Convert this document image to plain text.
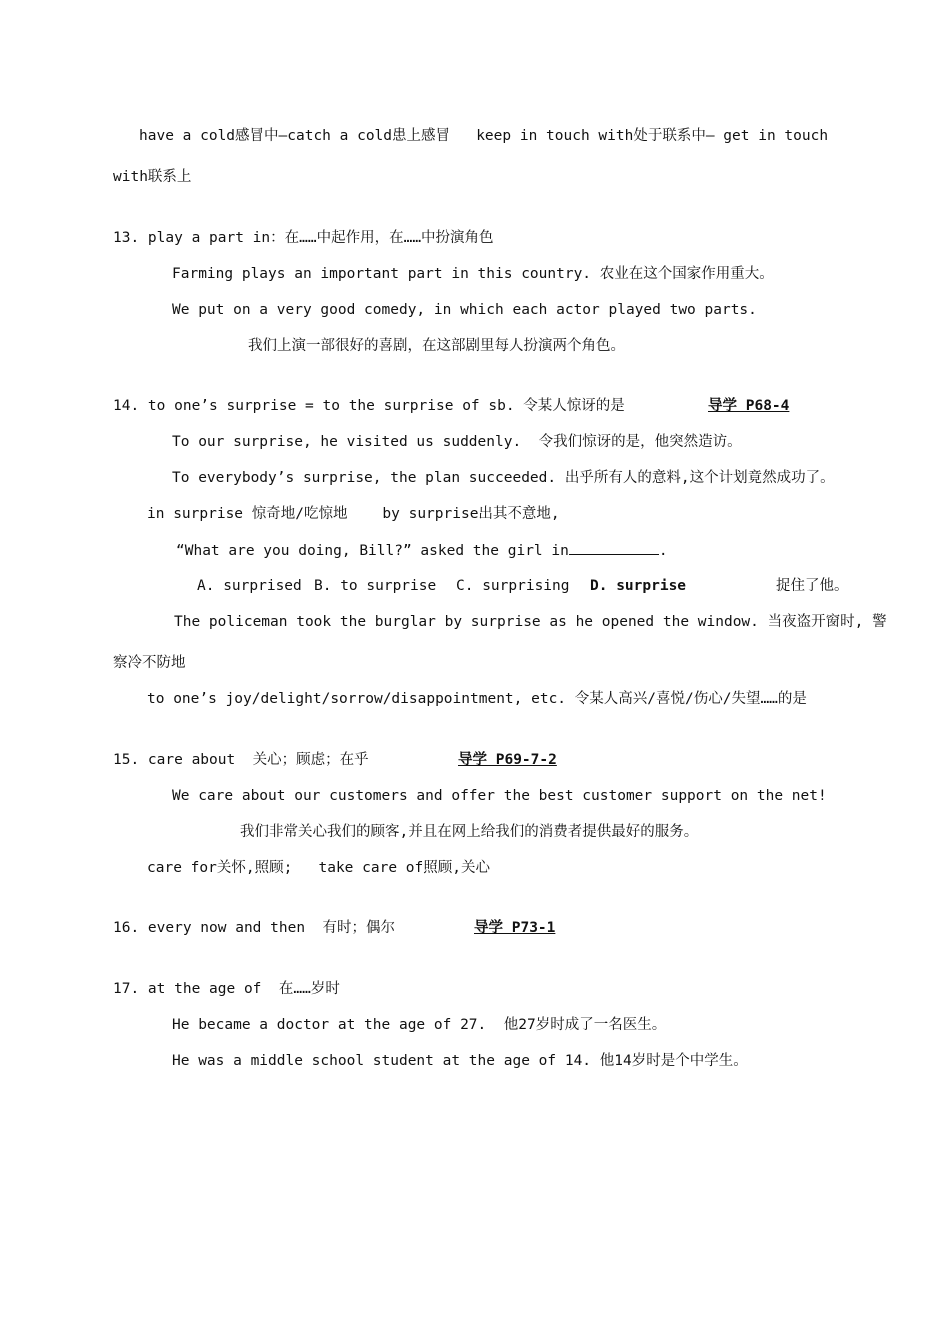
have a cold感冒中—catch a cold患上感冒   keep in touch with处于联系中— get in touch
with联系上
13. play a part in：在……中起作用，在……中扮演角色
Farming plays an important part in this country. 农业在这个国家作用重大。
We put on a very good comedy, in which each actor played two parts.
我们上演一部很好的喜剧，在这部剧里每人扮演两个角色。
14. to one’s surprise = to the surprise of sb. 令某人惊讶的是	导学 P68-4
To our surprise, he visited us suddenly.  令我们惊讶的是，他突然造访。
To everybody’s surprise, the plan succeeded. 出乎所有人的意料,这个计划竟然成功了。
in surprise 惊奇地/吃惊地    by surprise出其不意地,
“What are you doing, Bill?” asked the girl in	.
A. surprised B. to surprise C. surprising D. surprise	捉住了他。
The policeman took the burglar by surprise as he opened the window. 当夜盗开窗时, 警
察冷不防地
to one’s joy/delight/sorrow/disappointment, etc. 令某人高兴/喜悦/伤心/失望……的是
15. care about  关心；顾虑；在乎	导学 P69-7-2
We care about our customers and offer the best customer support on the net!
我们非常关心我们的顾客,并且在网上给我们的消费者提供最好的服务。
care for关怀,照顾;   take care of照顾,关心
16. every now and then  有时；偶尔	导学 P73-1
17. at the age of  在……岁时
He became a doctor at the age of 27.  他27岁时成了一名医生。
He was a middle school student at the age of 14. 他14岁时是个中学生。
